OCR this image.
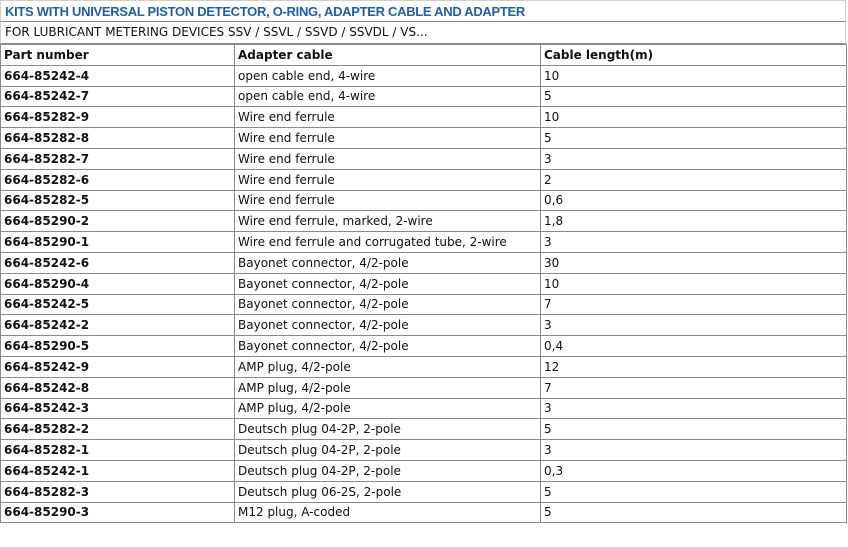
KITS WITH UNIVERSAL PISTON DETECTOR, O-RING, ADAPTER CABLE AND ADAPTER
FOR LUBRICANT METERING DEVICES SSV / SSVL / SSVD / SSVDL / VS...
Part number	Adapter cable	Cable length(m)
664-85242-4	open cable end, 4-wire	10
664-85242-7	open cable end, 4-wire	5
664-85282-9	Wire end ferrule	10
664-85282-8	Wire end ferrule	5
664-85282-7	Wire end ferrule	3
664-85282-6	Wire end ferrule	2
664-85282-5	Wire end ferrule	0,6
664-85290-2	Wire end ferrule, marked, 2-wire	1,8
664-85290-1	Wire end ferrule and corrugated tube, 2-wire	3
664-85242-6	Bayonet connector, 4/2-pole	30
664-85290-4	Bayonet connector, 4/2-pole	10
664-85242-5	Bayonet connector, 4/2-pole	7
664-85242-2	Bayonet connector, 4/2-pole	3
664-85290-5	Bayonet connector, 4/2-pole	0,4
664-85242-9	AMP plug, 4/2-pole	12
664-85242-8	AMP plug, 4/2-pole	7
664-85242-3	AMP plug, 4/2-pole	3
664-85282-2	Deutsch plug 04-2P, 2-pole	5
664-85282-1	Deutsch plug 04-2P, 2-pole	3
664-85242-1	Deutsch plug 04-2P, 2-pole	0,3
664-85282-3	Deutsch plug 06-2S, 2-pole	5
664-85290-3	M12 plug, A-coded	5
